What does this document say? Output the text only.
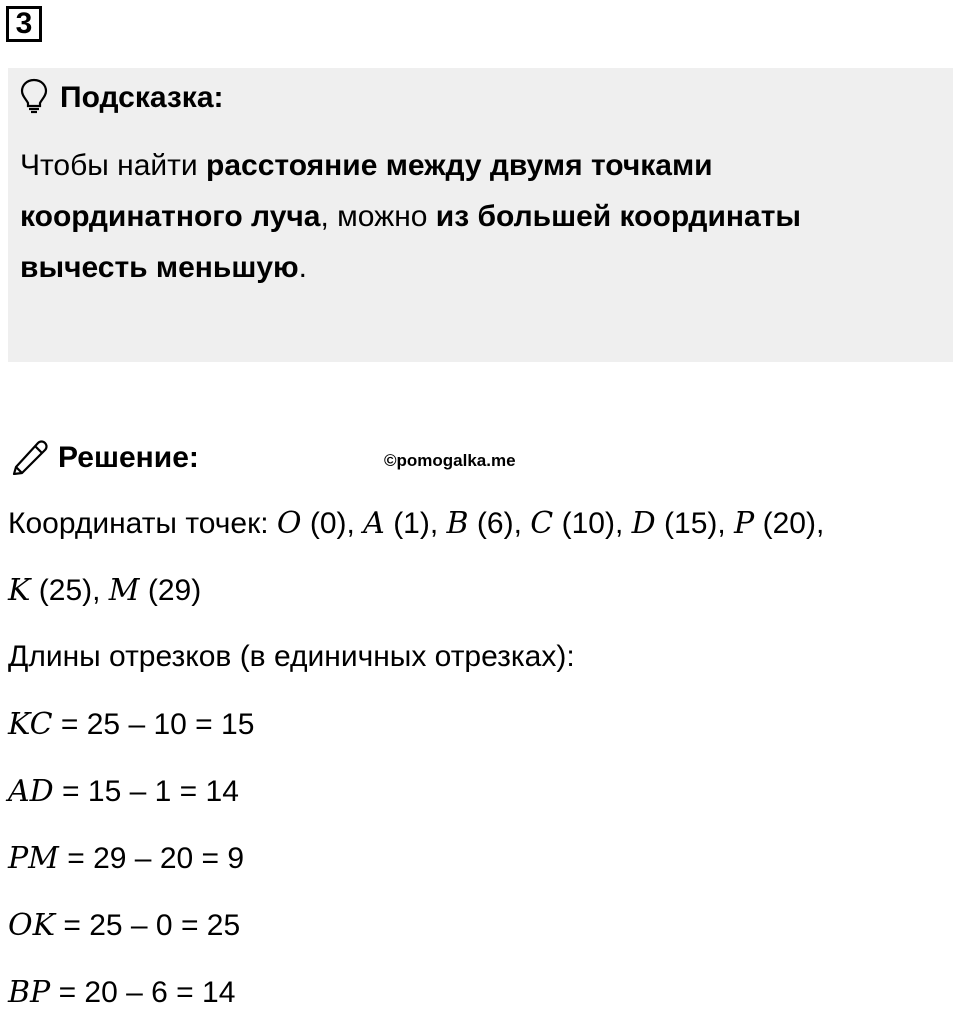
3
Подсказка:
Чтобы найти расстояние между двумя точками
координатного луча, можно из большей координаты
вычесть меньшую.
Решение:	©pomogalka.me
Координаты точек: O (0), A (1), B (6), C (10), D (15), P (20),
K (25), M (29)
Длины отрезков (в единичных отрезках):
KC = 25 – 10 = 15
AD = 15 – 1 = 14
PM = 29 – 20 = 9
OK = 25 – 0 = 25
BP = 20 – 6 = 14
